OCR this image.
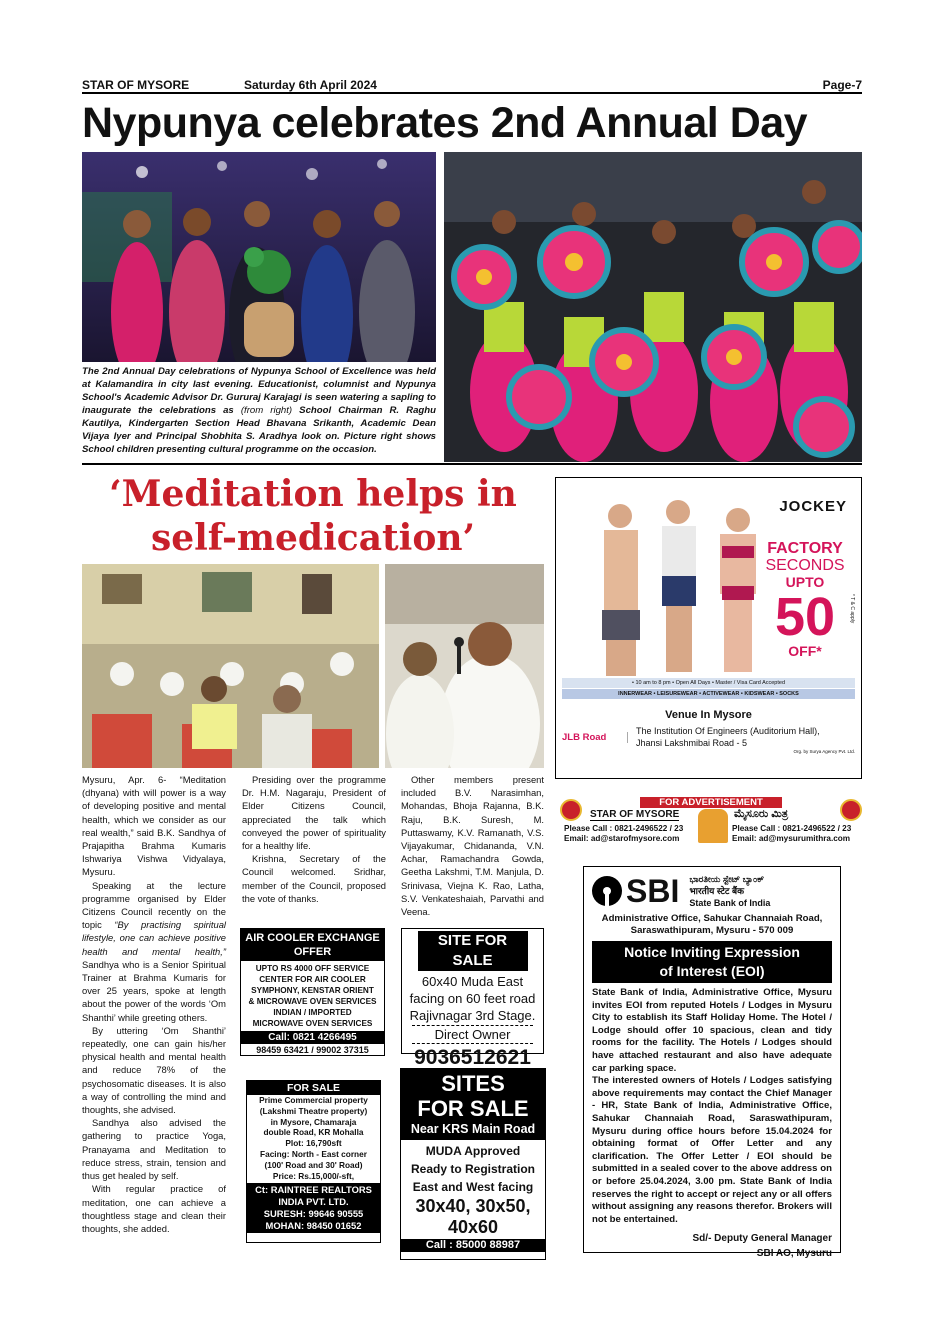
STAR OF MYSORE	Saturday 6th April 2024	Page-7
Nypunya celebrates 2nd Annual Day
The 2nd Annual Day celebrations of Nypunya School of Excellence was held at Kalamandira in city last evening. Educationist, columnist and Nypunya School's Academic Advisor Dr. Gururaj Karajagi is seen watering a sapling to inaugurate the celebrations as (from right) School Chairman R. Raghu Kautilya, Kindergarten Section Head Bhavana Srikanth, Academic Dean Vijaya Iyer and Principal Shobhita S. Aradhya look on. Picture right shows School children presenting cultural programme on the occasion.
‘Meditation helps in
self-medication’

Mysuru, Apr. 6- “Meditation (dhyana) with will power is a way of developing positive and mental health, which we consider as our real wealth,” said B.K. Sandhya of Prajapitha Brahma Kumaris Ishwariya Vishwa Vidyalaya, Mysuru.

Speaking at the lecture programme organised by Elder Citizens Council recently on the topic “By practising spiritual lifestyle, one can achieve positive health and mental health,” Sandhya who is a Senior Spiritual Trainer at Brahma Kumaris for over 25 years, spoke at length about the power of the words ‘Om Shanthi’ while greeting others.

By uttering ‘Om Shanthi’ repeatedly, one can gain his/her physical health and mental health and reduce 78% of the psychosomatic diseases. It is also a way of controlling the mind and thoughts, she advised.

Sandhya also advised the gathering to practice Yoga, Pranayama and Meditation to reduce stress, strain, tension and thus get healed by self.

With regular practice of meditation, one can achieve a thoughtless stage and clean their thoughts, she added.

Presiding over the programme Dr. H.M. Nagaraju, President of Elder Citizens Council, appreciated the talk which conveyed the power of spirituality for a healthy life.

Krishna, Secretary of the Council welcomed. Sridhar, member of the Council, proposed the vote of thanks.

Other members present included B.V. Narasimhan, Mohandas, Bhoja Rajanna, B.K. Raju, B.K. Suresh, M. Puttaswamy, K.V. Ramanath, V.S. Vijayakumar, Chidananda, V.N. Achar, Ramachandra Gowda, Geetha Lakshmi, T.M. Manjula, D. Srinivasa, Viejna K. Rao, Latha, S.V. Venkateshaiah, Parvathi and Veena.

AIR COOLER EXCHANGE OFFER
UPTO RS 4000 OFF SERVICE
CENTER FOR AIR COOLER
SYMPHONY, KENSTAR ORIENT
& MICROWAVE OVEN SERVICES
INDIAN / IMPORTED
MICROWAVE OVEN SERVICES
Call: 0821 4266495
98459 63421 / 99002 37315
SITE FOR SALE
60x40 Muda East
facing on 60 feet road
Rajivnagar 3rd Stage.
Direct Owner
9036512621
FOR SALE
Prime Commercial property
(Lakshmi Theatre property)
in Mysore, Chamaraja
double Road, KR Mohalla
Plot: 16,790sft
Facing: North - East corner
(100' Road and 30' Road)
Price: Rs.15,000/-sft,
Ct: RAINTREE REALTORS
INDIA PVT. LTD.
SURESH: 99646 90555
MOHAN: 98450 01652
SITES
FOR SALE
Near KRS Main Road
MUDA Approved
Ready to Registration
East and West facing
30x40, 30x50,
40x60
Call : 85000 88987
JOCKEY
FACTORY
SECONDS
UPTO
50
OFF*
* T & C apply
• 10 am to 8 pm • Open All Days • Master / Visa Card Accepted
INNERWEAR • LEISUREWEAR • ACTIVEWEAR • KIDSWEAR • SOCKS
Venue In Mysore
JLB Road
The Institution Of Engineers (Auditorium Hall), Jhansi Lakshmibai Road - 5
Org. by Surya Agency Pvt. Ltd.
FOR ADVERTISEMENT
STAR OF MYSORE	ಮೈಸೂರು ಮಿತ್ರ
Please Call : 0821-2496522 / 23
Email: ad@starofmysore.com
Please Call : 0821-2496522 / 23
Email: ad@mysurumithra.com
SBI ಭಾರತೀಯ ಸ್ಟೇಟ್ ಬ್ಯಾಂಕ್
भारतीय स्टेट बैंक
State Bank of India
Administrative Office, Sahukar Channaiah Road,
Saraswathipuram, Mysuru - 570 009
Notice Inviting Expression
of Interest (EOI)
State Bank of India, Administrative Office, Mysuru invites EOI from reputed Hotels / Lodges in Mysuru City to establish its Staff Holiday Home. The Hotel / Lodge should offer 10 spacious, clean and tidy rooms for the facility. The Hotels / Lodges should have attached restaurant and also have adequate car parking space.
The interested owners of Hotels / Lodges satisfying above requirements may contact the Chief Manager - HR, State Bank of India, Administrative Office, Sahukar Channaiah Road, Saraswathipuram, Mysuru during office hours before 15.04.2024 for obtaining format of Offer Letter and any clarification. The Offer Letter / EOI should be submitted in a sealed cover to the above address on or before 25.04.2024, 3.00 pm. State Bank of India reserves the right to accept or reject any or all offers without assigning any reasons therefor. Brokers will not be entertained.
Sd/- Deputy General Manager
SBI AO, Mysuru
